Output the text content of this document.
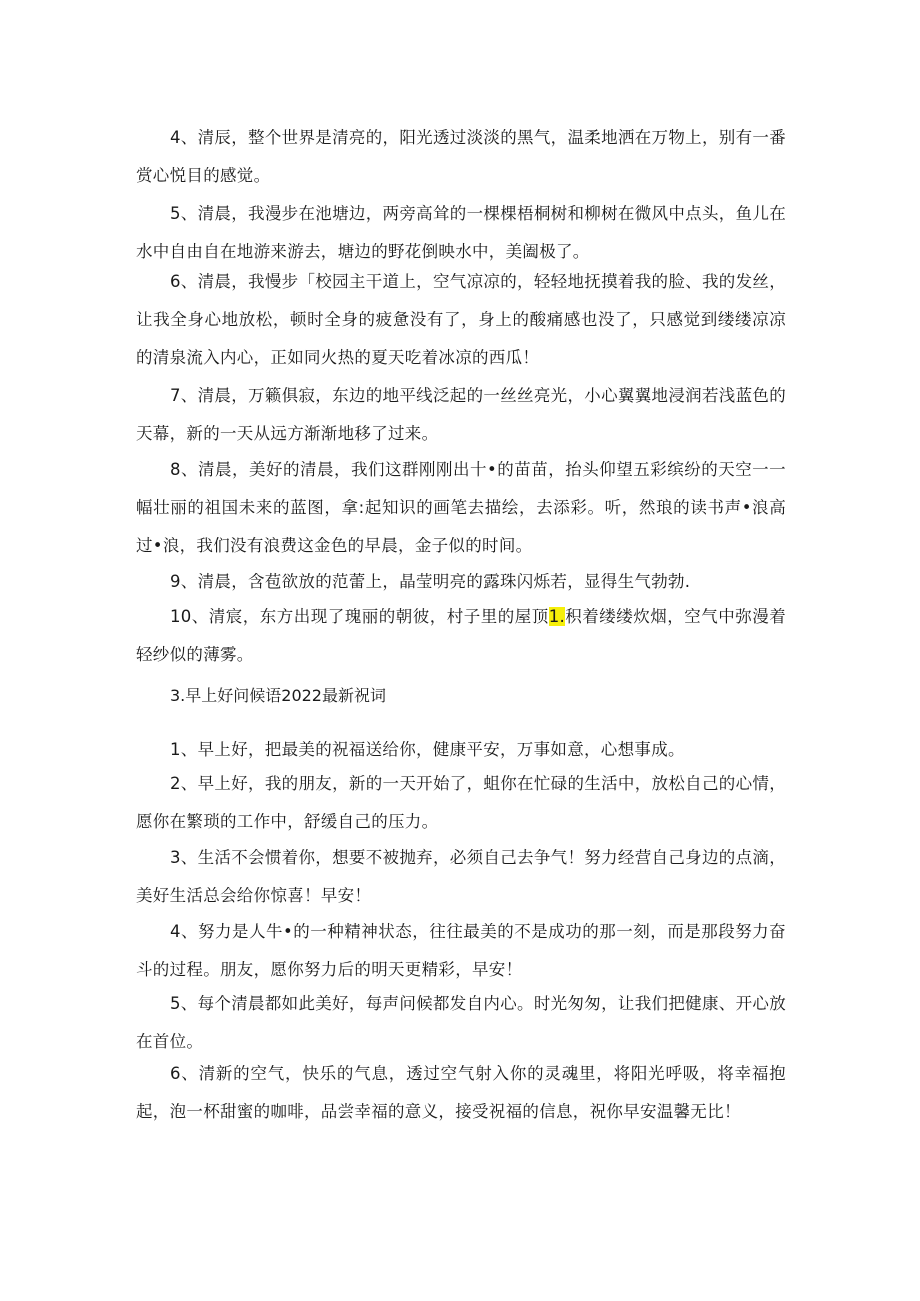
4、清辰，整个世界是清亮的，阳光透过淡淡的黑气，温柔地洒在万物上，别有一番赏心悦目的感觉。

5、清晨，我漫步在池塘边，两旁高耸的一棵棵梧桐树和柳树在微风中点头，鱼儿在水中自由自在地游来游去，塘边的野花倒映水中，美阖极了。

6、清晨，我慢步「校园主干道上，空气凉凉的，轻轻地抚摸着我的脸、我的发丝，让我全身心地放松，顿时全身的疲惫没有了，身上的酸痛感也没了，只感觉到缕缕凉凉的清泉流入内心，正如同火热的夏天吃着冰凉的西瓜！

7、清晨，万籁俱寂，东边的地平线泛起的一丝丝亮光，小心翼翼地浸润若浅蓝色的天幕，新的一天从远方渐渐地移了过来。

8、清晨，美好的清晨，我们这群刚刚出十•的苗苗，抬头仰望五彩缤纷的天空一一幅壮丽的祖国未来的蓝图，拿:起知识的画笔去描绘，去添彩。听，然琅的读书声•浪高过•浪，我们没有浪费这金色的早晨，金子似的时间。

9、清晨，含苞欲放的范蕾上，晶莹明亮的露珠闪烁若，显得生气勃勃.

10、清宸，东方出现了瑰丽的朝彼，村子里的屋顶1.积着缕缕炊烟，空气中弥漫着轻纱似的薄雾。

3.早上好问候语2022最新祝词

1、早上好，把最美的祝福送给你，健康平安，万事如意，心想事成。

2、早上好，我的朋友，新的一天开始了，蛆你在忙碌的生活中，放松自己的心情，愿你在繁琐的工作中，舒缓自己的压力。

3、生活不会惯着你，想要不被抛弃，必须自己去争气！努力经营自己身边的点滴，美好生活总会给你惊喜！早安！

4、努力是人牛•的一种精神状态，往往最美的不是成功的那一刻，而是那段努力奋斗的过程。朋友，愿你努力后的明天更精彩，早安！

5、每个清晨都如此美好，每声问候都发自内心。时光匆匆，让我们把健康、开心放在首位。

6、清新的空气，快乐的气息，透过空气射入你的灵魂里，将阳光呼吸，将幸福抱起，泡一杯甜蜜的咖啡，品尝幸福的意义，接受祝福的信息，祝你早安温馨无比！
